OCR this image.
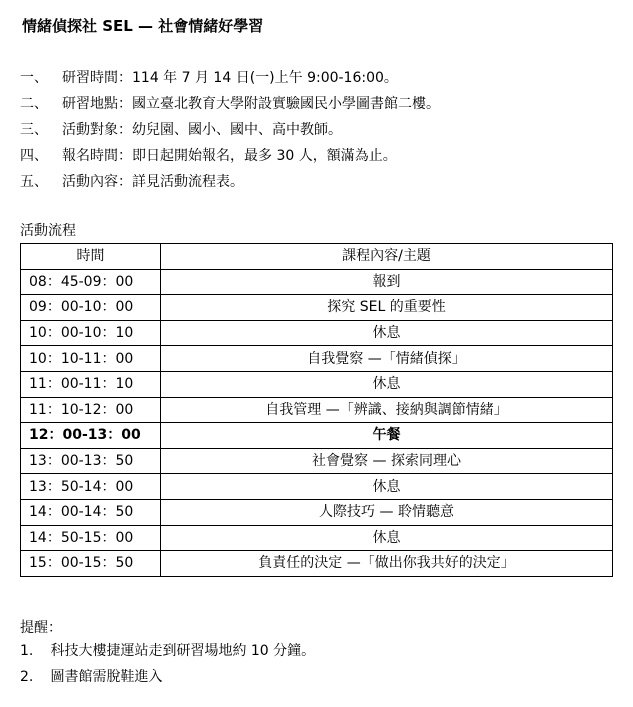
情緒偵探社 SEL — 社會情緒好學習
一、	研習時間：114 年 7 月 14 日(一)上午 9:00-16:00。
二、	研習地點：國立臺北教育大學附設實驗國民小學圖書館二樓。
三、	活動對象：幼兒園、國小、國中、高中教師。
四、	報名時間：即日起開始報名，最多 30 人，額滿為止。
五、	活動內容：詳見活動流程表。
活動流程
時間	課程內容/主題
08：45-09：00	報到
09：00-10：00	探究 SEL 的重要性
10：00-10：10	休息
10：10-11：00	自我覺察 —「情緒偵探」
11：00-11：10	休息
11：10-12：00	自我管理 —「辨識、接納與調節情緒」
12：00-13：00	午餐
13：00-13：50	社會覺察 — 探索同理心
13：50-14：00	休息
14：00-14：50	人際技巧 — 聆情聽意
14：50-15：00	休息
15：00-15：50	負責任的決定 —「做出你我共好的決定」
提醒：
1. 科技大樓捷運站走到研習場地約 10 分鐘。
2. 圖書館需脫鞋進入
